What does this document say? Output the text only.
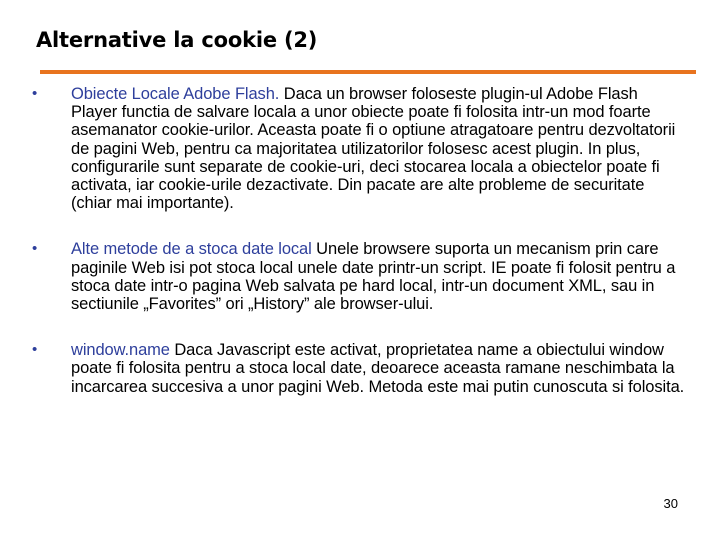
Alternative la cookie (2)
• Obiecte Locale Adobe Flash. Daca un browser foloseste plugin-ul Adobe Flash Player functia de salvare locala a unor obiecte poate fi folosita intr-un mod foarte asemanator cookie-urilor. Aceasta poate fi o optiune atragatoare pentru dezvoltatorii de pagini Web, pentru ca majoritatea utilizatorilor folosesc acest plugin. In plus, configurarile sunt separate de cookie-uri, deci stocarea locala a obiectelor poate fi activata, iar cookie-urile dezactivate. Din pacate are alte probleme de securitate (chiar mai importante).
• Alte metode de a stoca date local Unele browsere suporta un mecanism prin care paginile Web isi pot stoca local unele date printr-un script. IE poate fi folosit pentru a stoca date intr-o pagina Web salvata pe hard local, intr-un document XML, sau in sectiunile „Favorites” ori „History” ale browser-ului.
• window.name Daca Javascript este activat, proprietatea name a obiectului window poate fi folosita pentru a stoca local date, deoarece aceasta ramane neschimbata la incarcarea succesiva a unor pagini Web. Metoda este mai putin cunoscuta si folosita.
30
